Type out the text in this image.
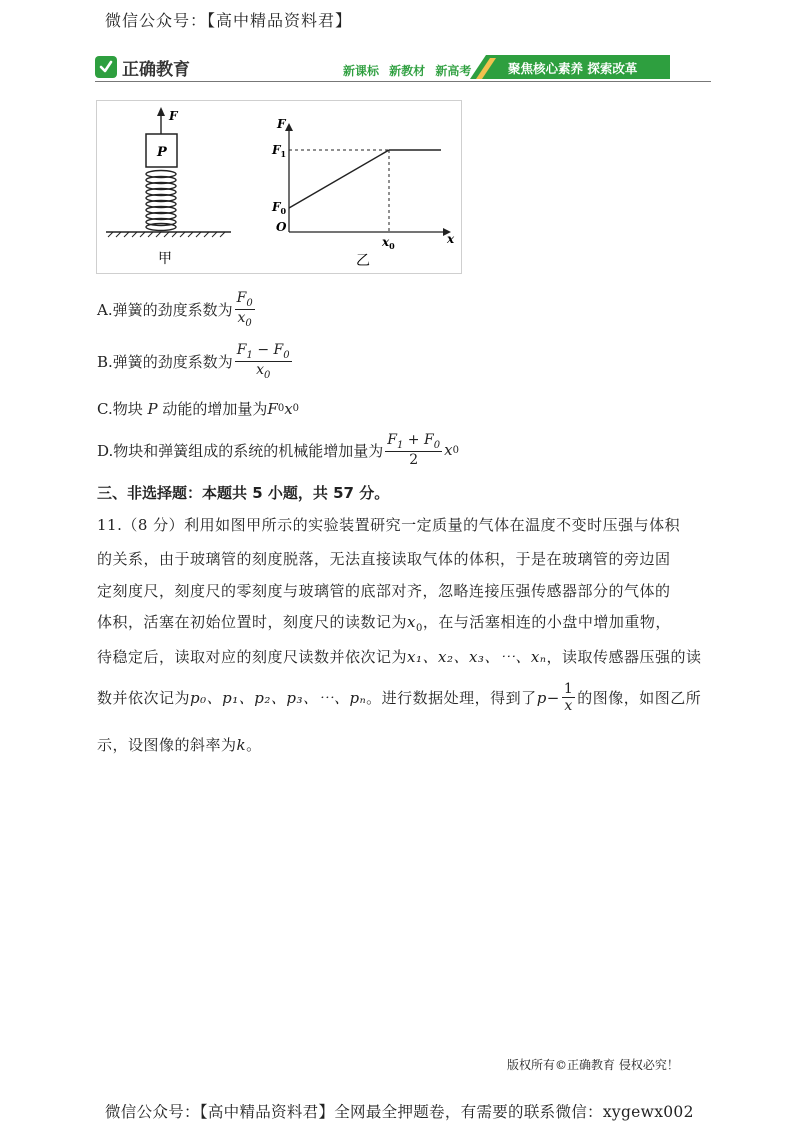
微信公众号：【高中精品资料君】
正确教育	新课标 新教材 新高考	聚焦核心素养 探索改革
P
F
甲
F
x
O
$F_1$
$F_0$
$x_0$
乙
A.弹簧的劲度系数为 $\frac{F_0}{x_0}$
B.弹簧的劲度系数为 $\frac{F_1 - F_0}{x_0}$
C.物块
P
动能的增加量为 F 0 x 0
D.物块和弹簧组成的系统的机械能增加量为 $\frac{F_1 + F_0}{2}$ x 0
三、非选择题：本题共 5 小题，共 57 分。
11.（8 分）利用如图甲所示的实验装置研究一定质量的气体在温度不变时压强与体积
的关系，由于玻璃管的刻度脱落，无法直接读取气体的体积，于是在玻璃管的旁边固
定刻度尺，刻度尺的零刻度与玻璃管的底部对齐，忽略连接压强传感器部分的气体的
体积，活塞在初始位置时，刻度尺的读数记为$x_0$，在与活塞相连的小盘中增加重物，
待稳定后，读取对应的刻度尺读数并依次记为x₁、x₂、x₃、⋯、xₙ，读取传感器压强的读
数并依次记为 p₀、p₁、p₂、p₃、⋯、pₙ 。进行数据处理，得到了 $p - \frac{1}{x}$ 的图像，如图乙所
示，设图像的斜率为k。
版权所有©正确教育 侵权必究！
微信公众号：【高中精品资料君】全网最全押题卷，有需要的联系微信：xygewx002
